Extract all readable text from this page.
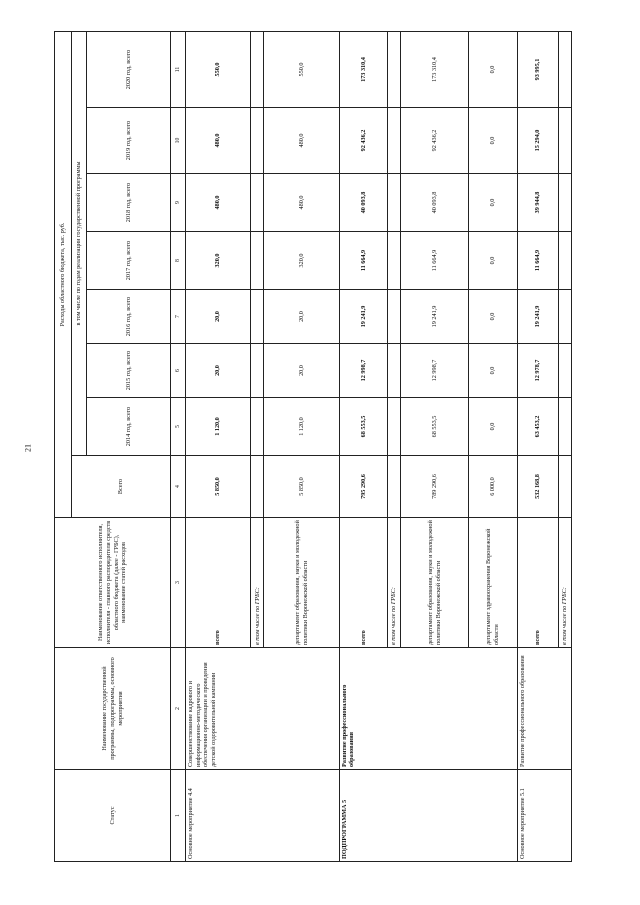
21
Статус	Наименование государственной программы, подпрограммы, основного мероприятия	Наименование ответственного исполнителя, исполнителя - главного распорядителя средств областного бюджета (далее - ГРБС), наименование статей расходов	Расходы областного бюджета, тыс. руб.							
			Всего	в том числе по годам реализации государственной программы						
				2014 год, всего	2015 год, всего	2016 год, всего	2017 год, всего	2018 год, всего	2019 год, всего	2020 год, всего
1	2	3	4	5	6	7	8	9	10	11
Основное мероприятие 4.4	Совершенствование кадрового и информационно-методического обеспечения организации и проведения детской оздоровительной кампании	всего	5 850,0	1 120,0	20,0	20,0	320,0	480,0	480,0	550,0
		в том числе по ГРБС:								
		департамент образования, науки и молодежной политики Воронежской области	5 850,0	1 120,0	20,0	20,0	320,0	480,0	480,0	550,0
ПОДПРОГРАММА 5	Развитие профессионального образования	всего	795 290,6	68 553,5	12 998,7	19 241,9	11 664,9	40 093,8	92 436,2	173 310,4
		в том числе по ГРБС:								
		департамент образования, науки и молодежной политики Воронежской области	789 290,6	68 553,5	12 998,7	19 241,9	11 664,9	40 093,8	92 436,2	173 310,4
		департамент здравоохранения Воронежской области	6 000,0	0,0	0,0	0,0	0,0	0,0	0,0	0,0
Основное мероприятие 5.1	Развитие профессионального образования	всего	532 168,8	63 453,2	12 978,7	19 241,9	11 664,9	39 944,8	15 294,0	93 995,1
		в том числе по ГРБС:								
